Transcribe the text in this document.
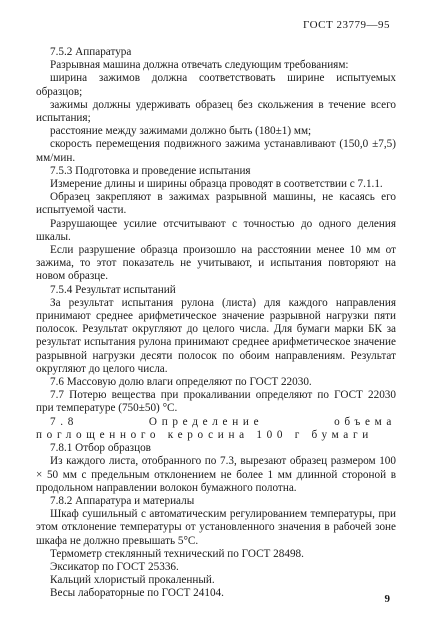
ГОСТ 23779—95

7.5.2 Аппаратура

Разрывная машина должна отвечать следующим требованиям:

ширина зажимов должна соответствовать ширине испытуемых образцов;

зажимы должны удерживать образец без скольжения в течение всего испытания;

расстояние между зажимами должно быть (180±1) мм;

скорость перемещения подвижного зажима устанавливают (150,0 ±7,5) мм/мин.

7.5.3 Подготовка и проведение испытания

Измерение длины и ширины образца проводят в соответствии с 7.1.1.

Образец закрепляют в зажимах разрывной машины, не касаясь его испытуемой части.

Разрушающее усилие отсчитывают с точностью до одного деления шкалы.

Если разрушение образца произошло на расстоянии менее 10 мм от зажима, то этот показатель не учитывают, и испытания повторяют на новом образце.

7.5.4 Результат испытаний

За результат испытания рулона (листа) для каждого направления принимают среднее арифметическое значение разрывной нагрузки пяти полосок. Результат округляют до целого числа. Для бумаги марки БК за результат испытания рулона принимают среднее арифметическое значение разрывной нагрузки десяти полосок по обоим направлениям. Результат округляют до целого числа.

7.6 Массовую долю влаги определяют по ГОСТ 22030.

7.7 Потерю вещества при прокаливании определяют по ГОСТ 22030 при температуре (750±50) °С.

7.8 Определение объема поглощенного керосина 100 г бумаги

7.8.1 Отбор образцов

Из каждого листа, отобранного по 7.3, вырезают образец размером 100 × 50 мм с предельным отклонением не более 1 мм длинной стороной в продольном направлении волокон бумажного полотна.

7.8.2 Аппаратура и материалы

Шкаф сушильный с автоматическим регулированием температуры, при этом отклонение температуры от установленного значения в рабочей зоне шкафа не должно превышать 5°С.

Термометр стеклянный технический по ГОСТ 28498.

Эксикатор по ГОСТ 25336.

Кальций хлористый прокаленный.

Весы лабораторные по ГОСТ 24104.	9
